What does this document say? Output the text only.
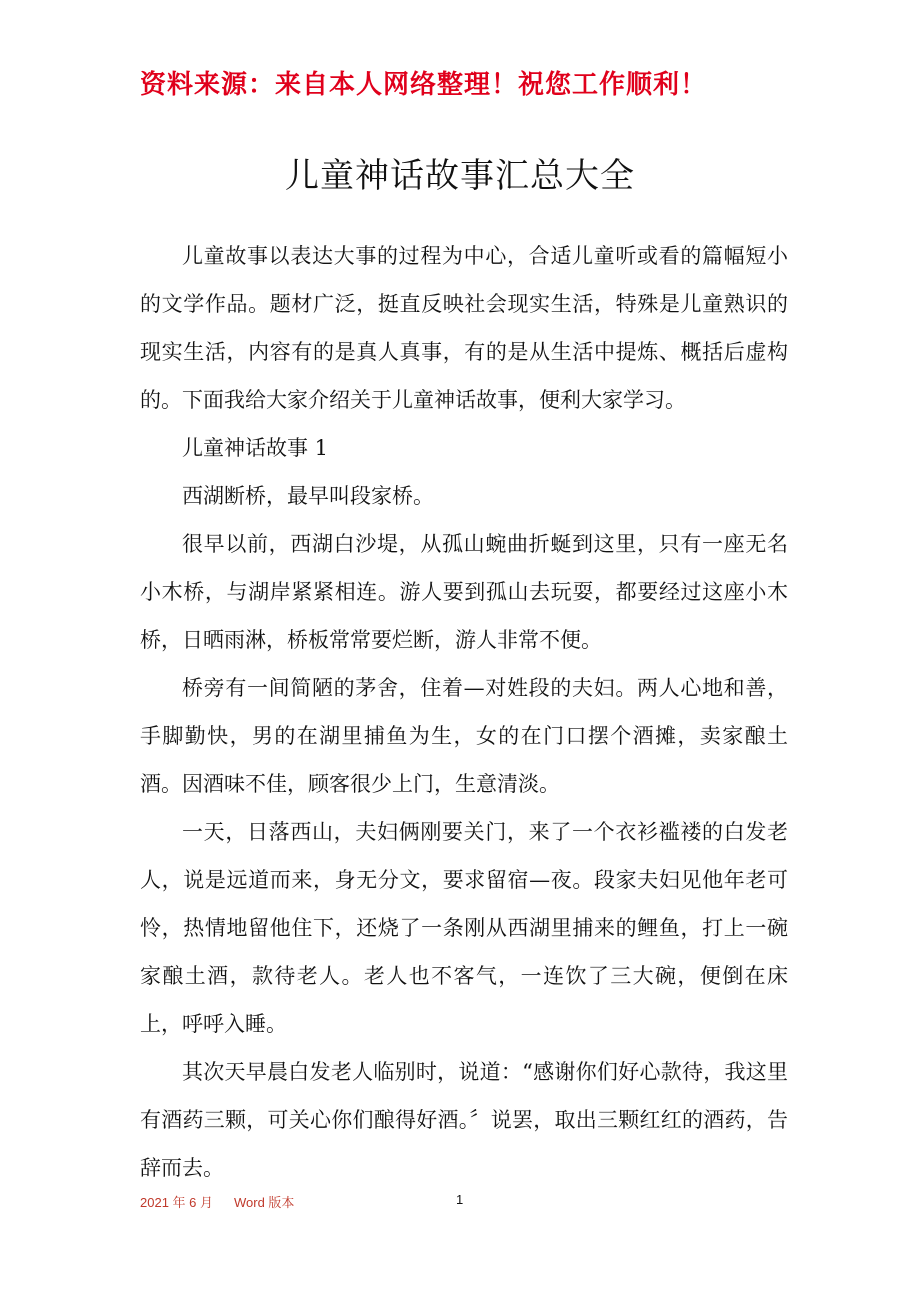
资料来源：来自本人网络整理！祝您工作顺利！
儿童神话故事汇总大全

儿童故事以表达大事的过程为中心，合适儿童听或看的篇幅短小的文学作品。题材广泛，挺直反映社会现实生活，特殊是儿童熟识的现实生活，内容有的是真人真事，有的是从生活中提炼、概括后虚构的。下面我给大家介绍关于儿童神话故事，便利大家学习。

儿童神话故事 1

西湖断桥，最早叫段家桥。

很早以前，西湖白沙堤，从孤山蜿曲折蜒到这里，只有一座无名小木桥，与湖岸紧紧相连。游人要到孤山去玩耍，都要经过这座小木桥，日晒雨淋，桥板常常要烂断，游人非常不便。

桥旁有一间简陋的茅舍，住着—对姓段的夫妇。两人心地和善，手脚勤快，男的在湖里捕鱼为生，女的在门口摆个酒摊，卖家酿土酒。因酒味不佳，顾客很少上门，生意清淡。

一天，日落西山，夫妇俩刚要关门，来了一个衣衫褴褛的白发老人，说是远道而来，身无分文，要求留宿—夜。段家夫妇见他年老可怜，热情地留他住下，还烧了一条刚从西湖里捕来的鲤鱼，打上一碗家酿土酒，款待老人。老人也不客气，一连饮了三大碗，便倒在床上，呼呼入睡。

其次天早晨白发老人临别时，说道：“感谢你们好心款待，我这里有酒药三颗，可关心你们酿得好酒。〞说罢，取出三颗红红的酒药，告辞而去。

2021 年 6 月 Word 版本	1
